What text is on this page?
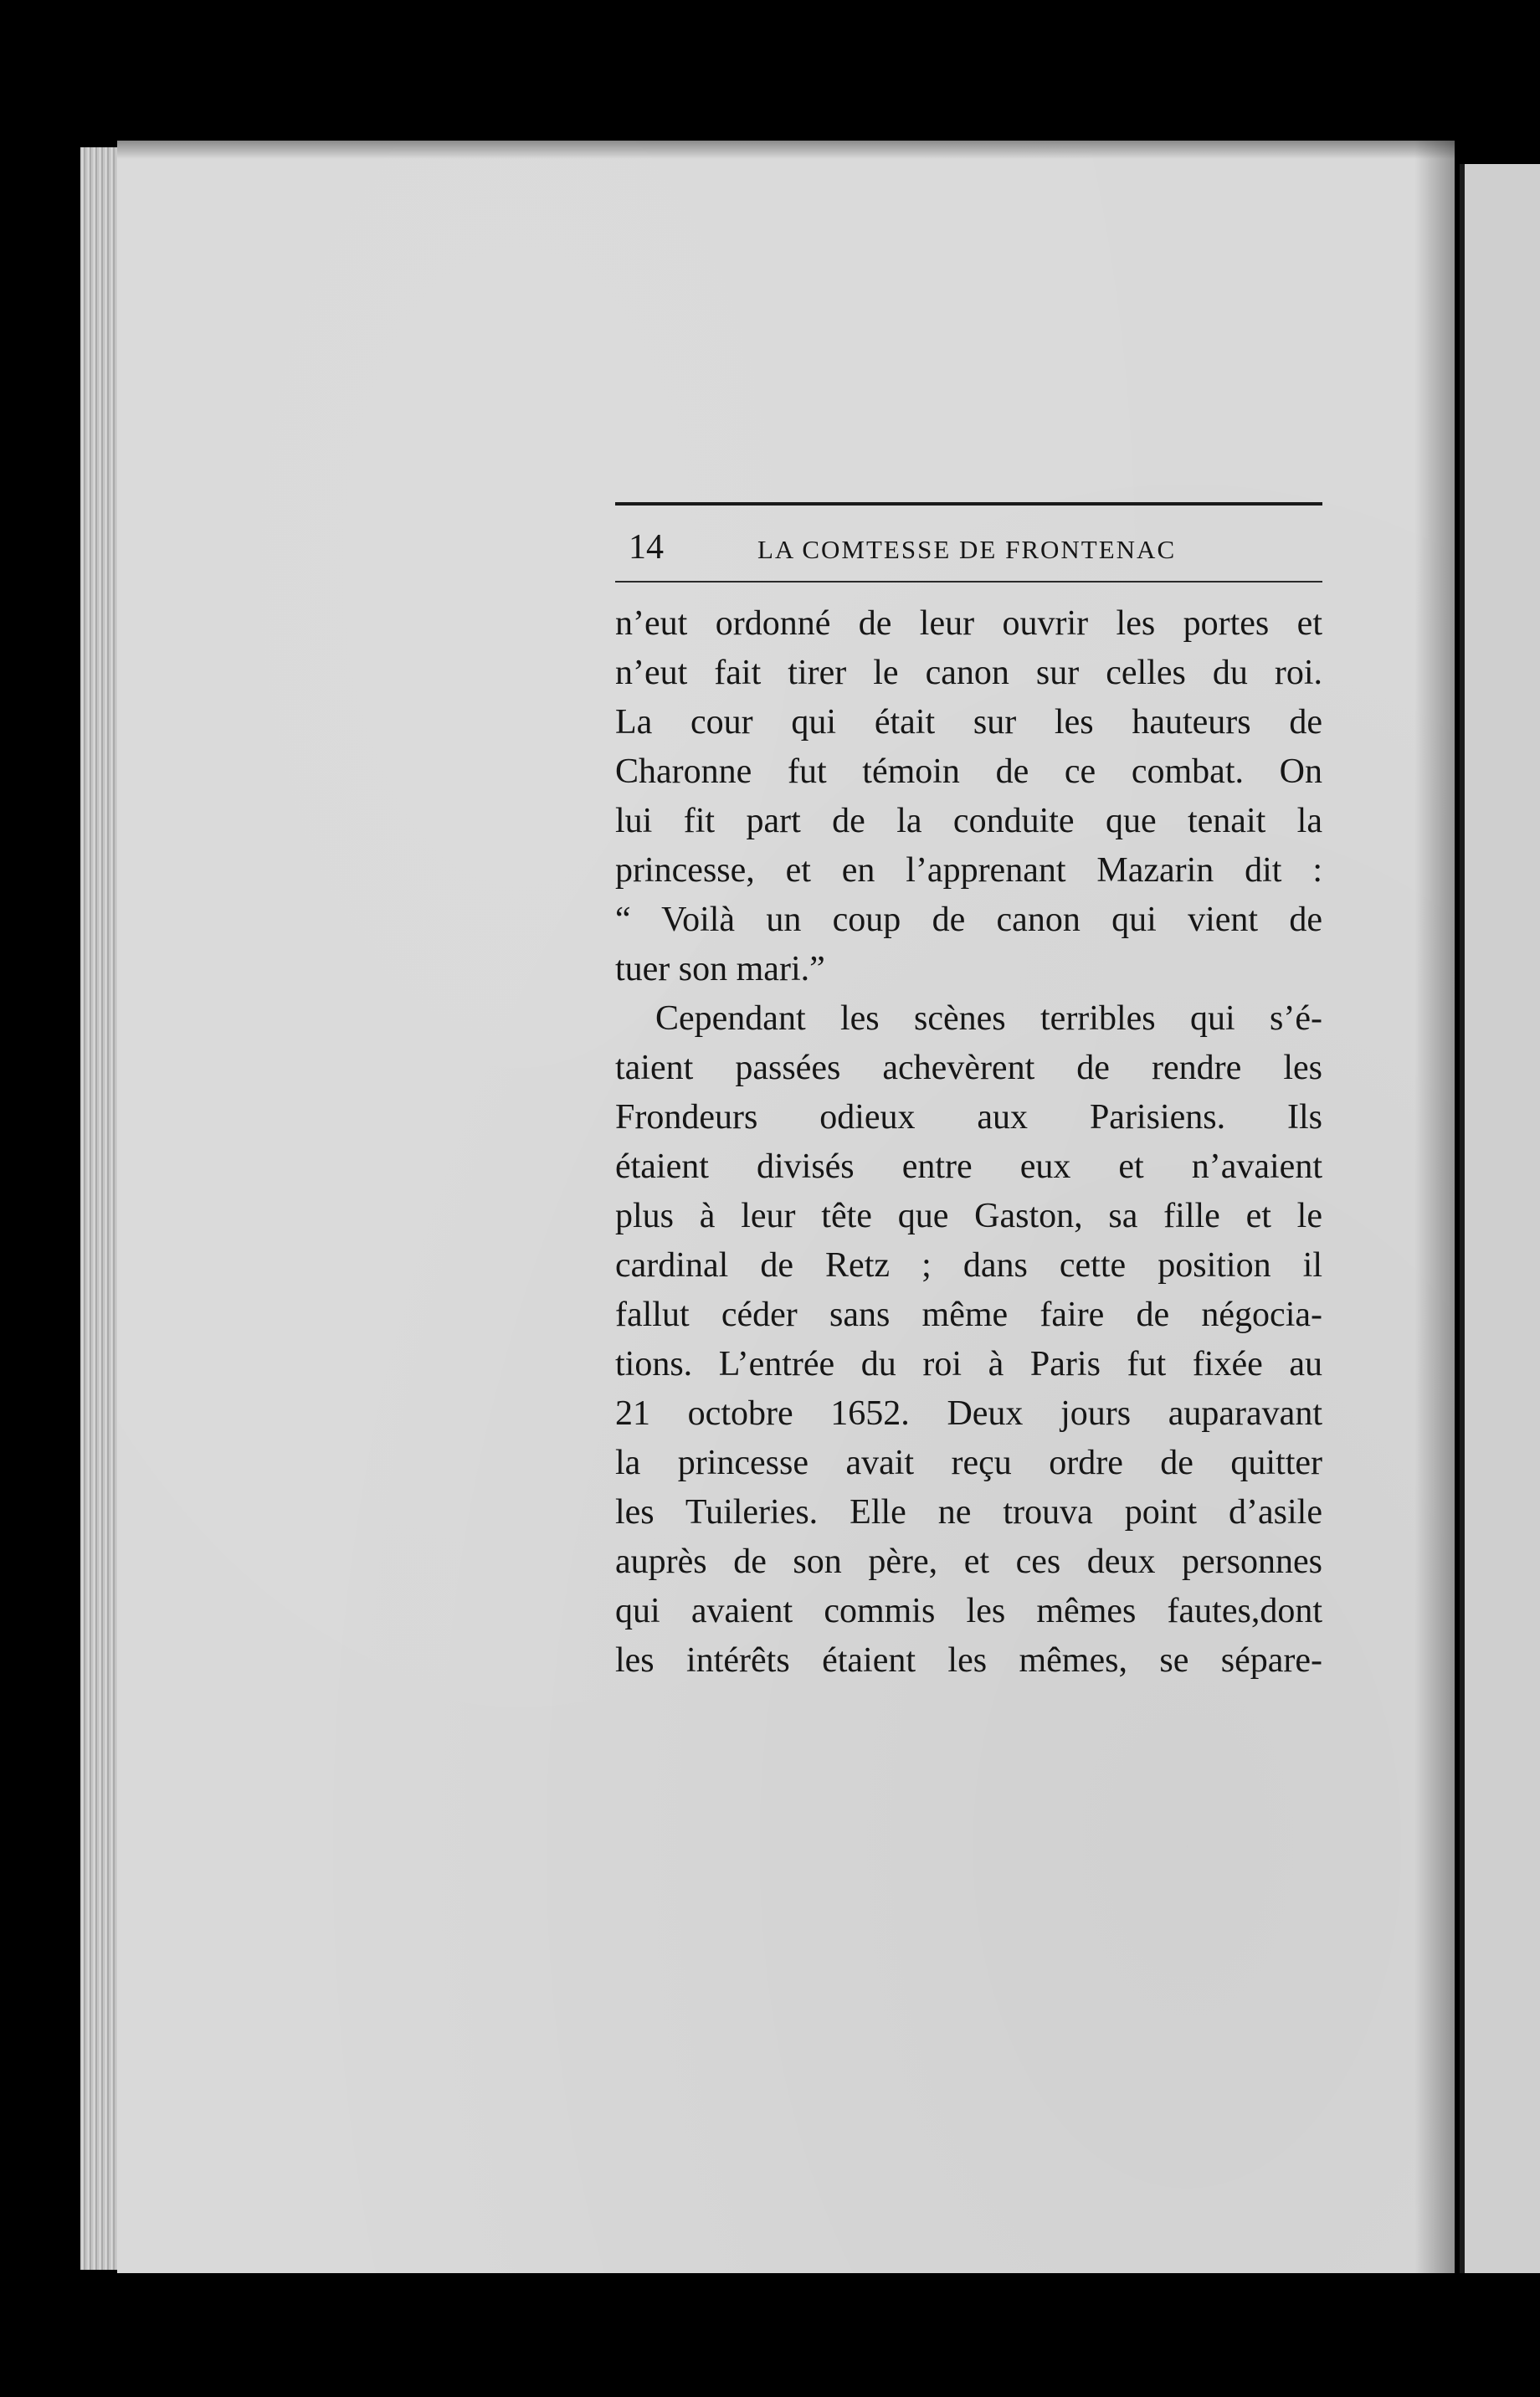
14	LA COMTESSE DE FRONTENAC
n’eut ordonné de leur ouvrir les portes et
n’eut fait tirer le canon sur celles du roi.
La cour qui était sur les hauteurs de
Charonne fut témoin de ce combat. On
lui fit part de la conduite que tenait la
princesse, et en l’apprenant Mazarin dit :
“ Voilà un coup de canon qui vient de
tuer son mari.”
Cependant les scènes terribles qui s’é-
taient passées achevèrent de rendre les
Frondeurs odieux aux Parisiens. Ils
étaient divisés entre eux et n’avaient
plus à leur tête que Gaston, sa fille et le
cardinal de Retz ; dans cette position il
fallut céder sans même faire de négocia-
tions. L’entrée du roi à Paris fut fixée au
21 octobre 1652. Deux jours auparavant
la princesse avait reçu ordre de quitter
les Tuileries. Elle ne trouva point d’asile
auprès de son père, et ces deux personnes
qui avaient commis les mêmes fautes,dont
les intérêts étaient les mêmes, se sépare-
